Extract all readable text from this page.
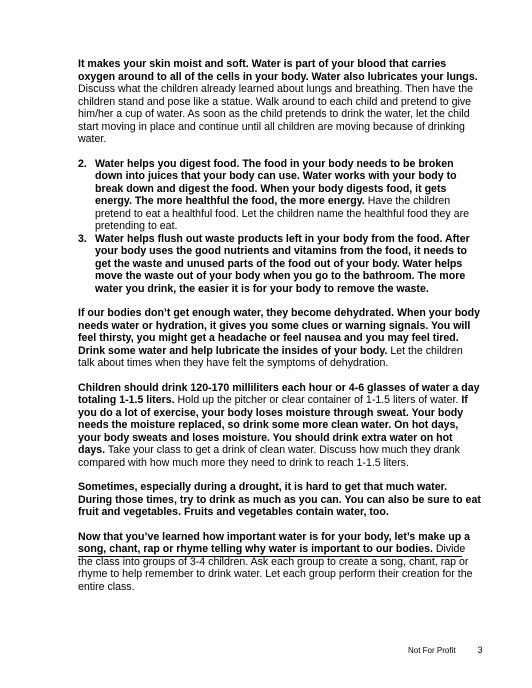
It makes your skin moist and soft. Water is part of your blood that carries oxygen around to all of the cells in your body. Water also lubricates your lungs. Discuss what the children already learned about lungs and breathing. Then have the children stand and pose like a statue. Walk around to each child and pretend to give him/her a cup of water. As soon as the child pretends to drink the water, let the child start moving in place and continue until all children are moving because of drinking water.

2. Water helps you digest food. The food in your body needs to be broken down into juices that your body can use. Water works with your body to break down and digest the food. When your body digests food, it gets energy. The more healthful the food, the more energy. Have the children pretend to eat a healthful food. Let the children name the healthful food they are pretending to eat.
3. Water helps flush out waste products left in your body from the food. After your body uses the good nutrients and vitamins from the food, it needs to get the waste and unused parts of the food out of your body. Water helps move the waste out of your body when you go to the bathroom. The more water you drink, the easier it is for your body to remove the waste.

If our bodies don’t get enough water, they become dehydrated. When your body needs water or hydration, it gives you some clues or warning signals. You will feel thirsty, you might get a headache or feel nausea and you may feel tired. Drink some water and help lubricate the insides of your body. Let the children talk about times when they have felt the symptoms of dehydration.

Children should drink 120-170 milliliters each hour or 4-6 glasses of water a day totaling 1-1.5 liters. Hold up the pitcher or clear container of 1-1.5 liters of water. If you do a lot of exercise, your body loses moisture through sweat. Your body needs the moisture replaced, so drink some more clean water. On hot days, your body sweats and loses moisture. You should drink extra water on hot days. Take your class to get a drink of clean water. Discuss how much they drank compared with how much more they need to drink to reach 1-1.5 liters.

Sometimes, especially during a drought, it is hard to get that much water. During those times, try to drink as much as you can. You can also be sure to eat fruit and vegetables. Fruits and vegetables contain water, too.

Now that you’ve learned how important water is for your body, let’s make up a song, chant, rap or rhyme telling why water is important to our bodies. Divide the class into groups of 3-4 children. Ask each group to create a song, chant, rap or rhyme to help remember to drink water. Let each group perform their creation for the entire class.

Not For Profit 3
